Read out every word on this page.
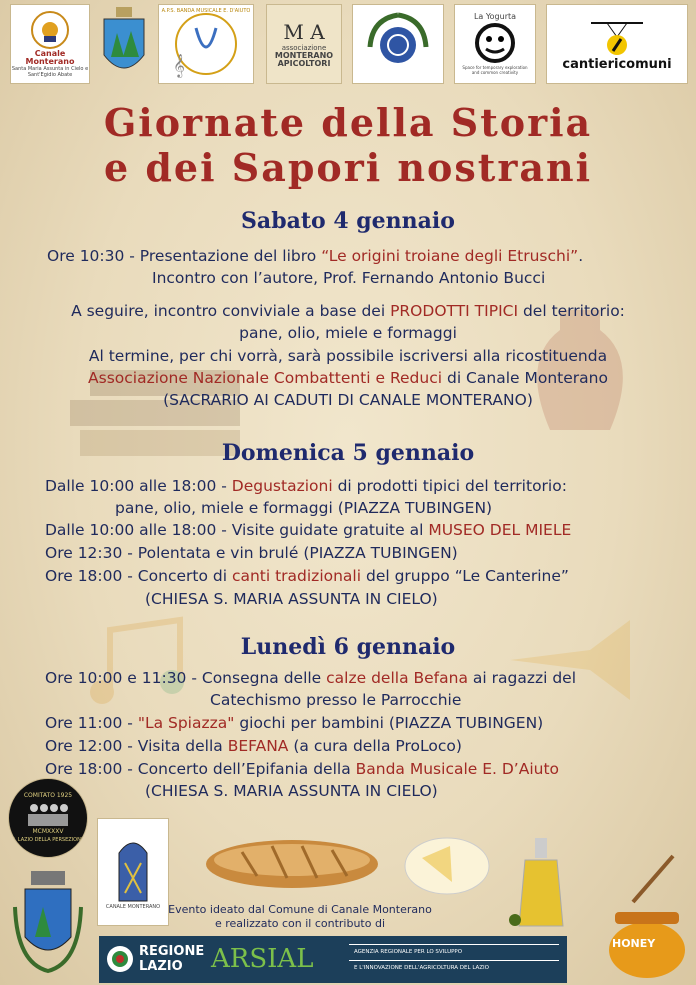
Canale Monterano
Santa Maria Assunta in Cielo e Sant'Egidio Abate	𝄞
A.P.S. BANDA MUSICALE E. D'AIUTO
M A
associazione
MONTERANO
APICOLTORI
La Yogurta
Space for temporary exploration and common creativity
cantiericomuni
Giornate della Storia
e dei Sapori nostrani
Sabato 4 gennaio
Ore 10:30 - Presentazione del libro “Le origini troiane degli Etruschi”.
Incontro con l’autore, Prof. Fernando Antonio Bucci
A seguire, incontro conviviale a base dei PRODOTTI TIPICI del territorio:
pane, olio, miele e formaggi
Al termine, per chi vorrà, sarà possibile iscriversi alla ricostituenda
Associazione Nazionale Combattenti e Reduci di Canale Monterano
(SACRARIO AI CADUTI DI CANALE MONTERANO)
Domenica 5 gennaio
Dalle 10:00 alle 18:00 - Degustazioni di prodotti tipici del territorio:
pane, olio, miele e formaggi (PIAZZA TUBINGEN)
Dalle 10:00 alle 18:00 - Visite guidate gratuite al MUSEO DEL MIELE
Ore 12:30 - Polentata e vin brulé (PIAZZA TUBINGEN)
Ore 18:00 - Concerto di canti tradizionali del gruppo “Le Canterine”
(CHIESA S. MARIA ASSUNTA IN CIELO)
Lunedì 6 gennaio
Ore 10:00 e 11:30 - Consegna delle calze della Befana ai ragazzi del
Catechismo presso le Parrocchie
Ore 11:00 - "La Spiazza" giochi per bambini (PIAZZA TUBINGEN)
Ore 12:00 - Visita della BEFANA (a cura della ProLoco)
Ore 18:00 - Concerto dell’Epifania della Banda Musicale E. D’Aiuto
(CHIESA S. MARIA ASSUNTA IN CIELO)
COMITATO 1925
MCMXXXV
IL LAZIO DELLA PERSEZIONE
CANALE MONTERANO
HONEY
Evento ideato dal Comune di Canale Monterano
e realizzato con il contributo di
REGIONE
LAZIO	ARSIAL	AGENZIA REGIONALE PER LO SVILUPPO
E L'INNOVAZIONE DELL'AGRICOLTURA DEL LAZIO
